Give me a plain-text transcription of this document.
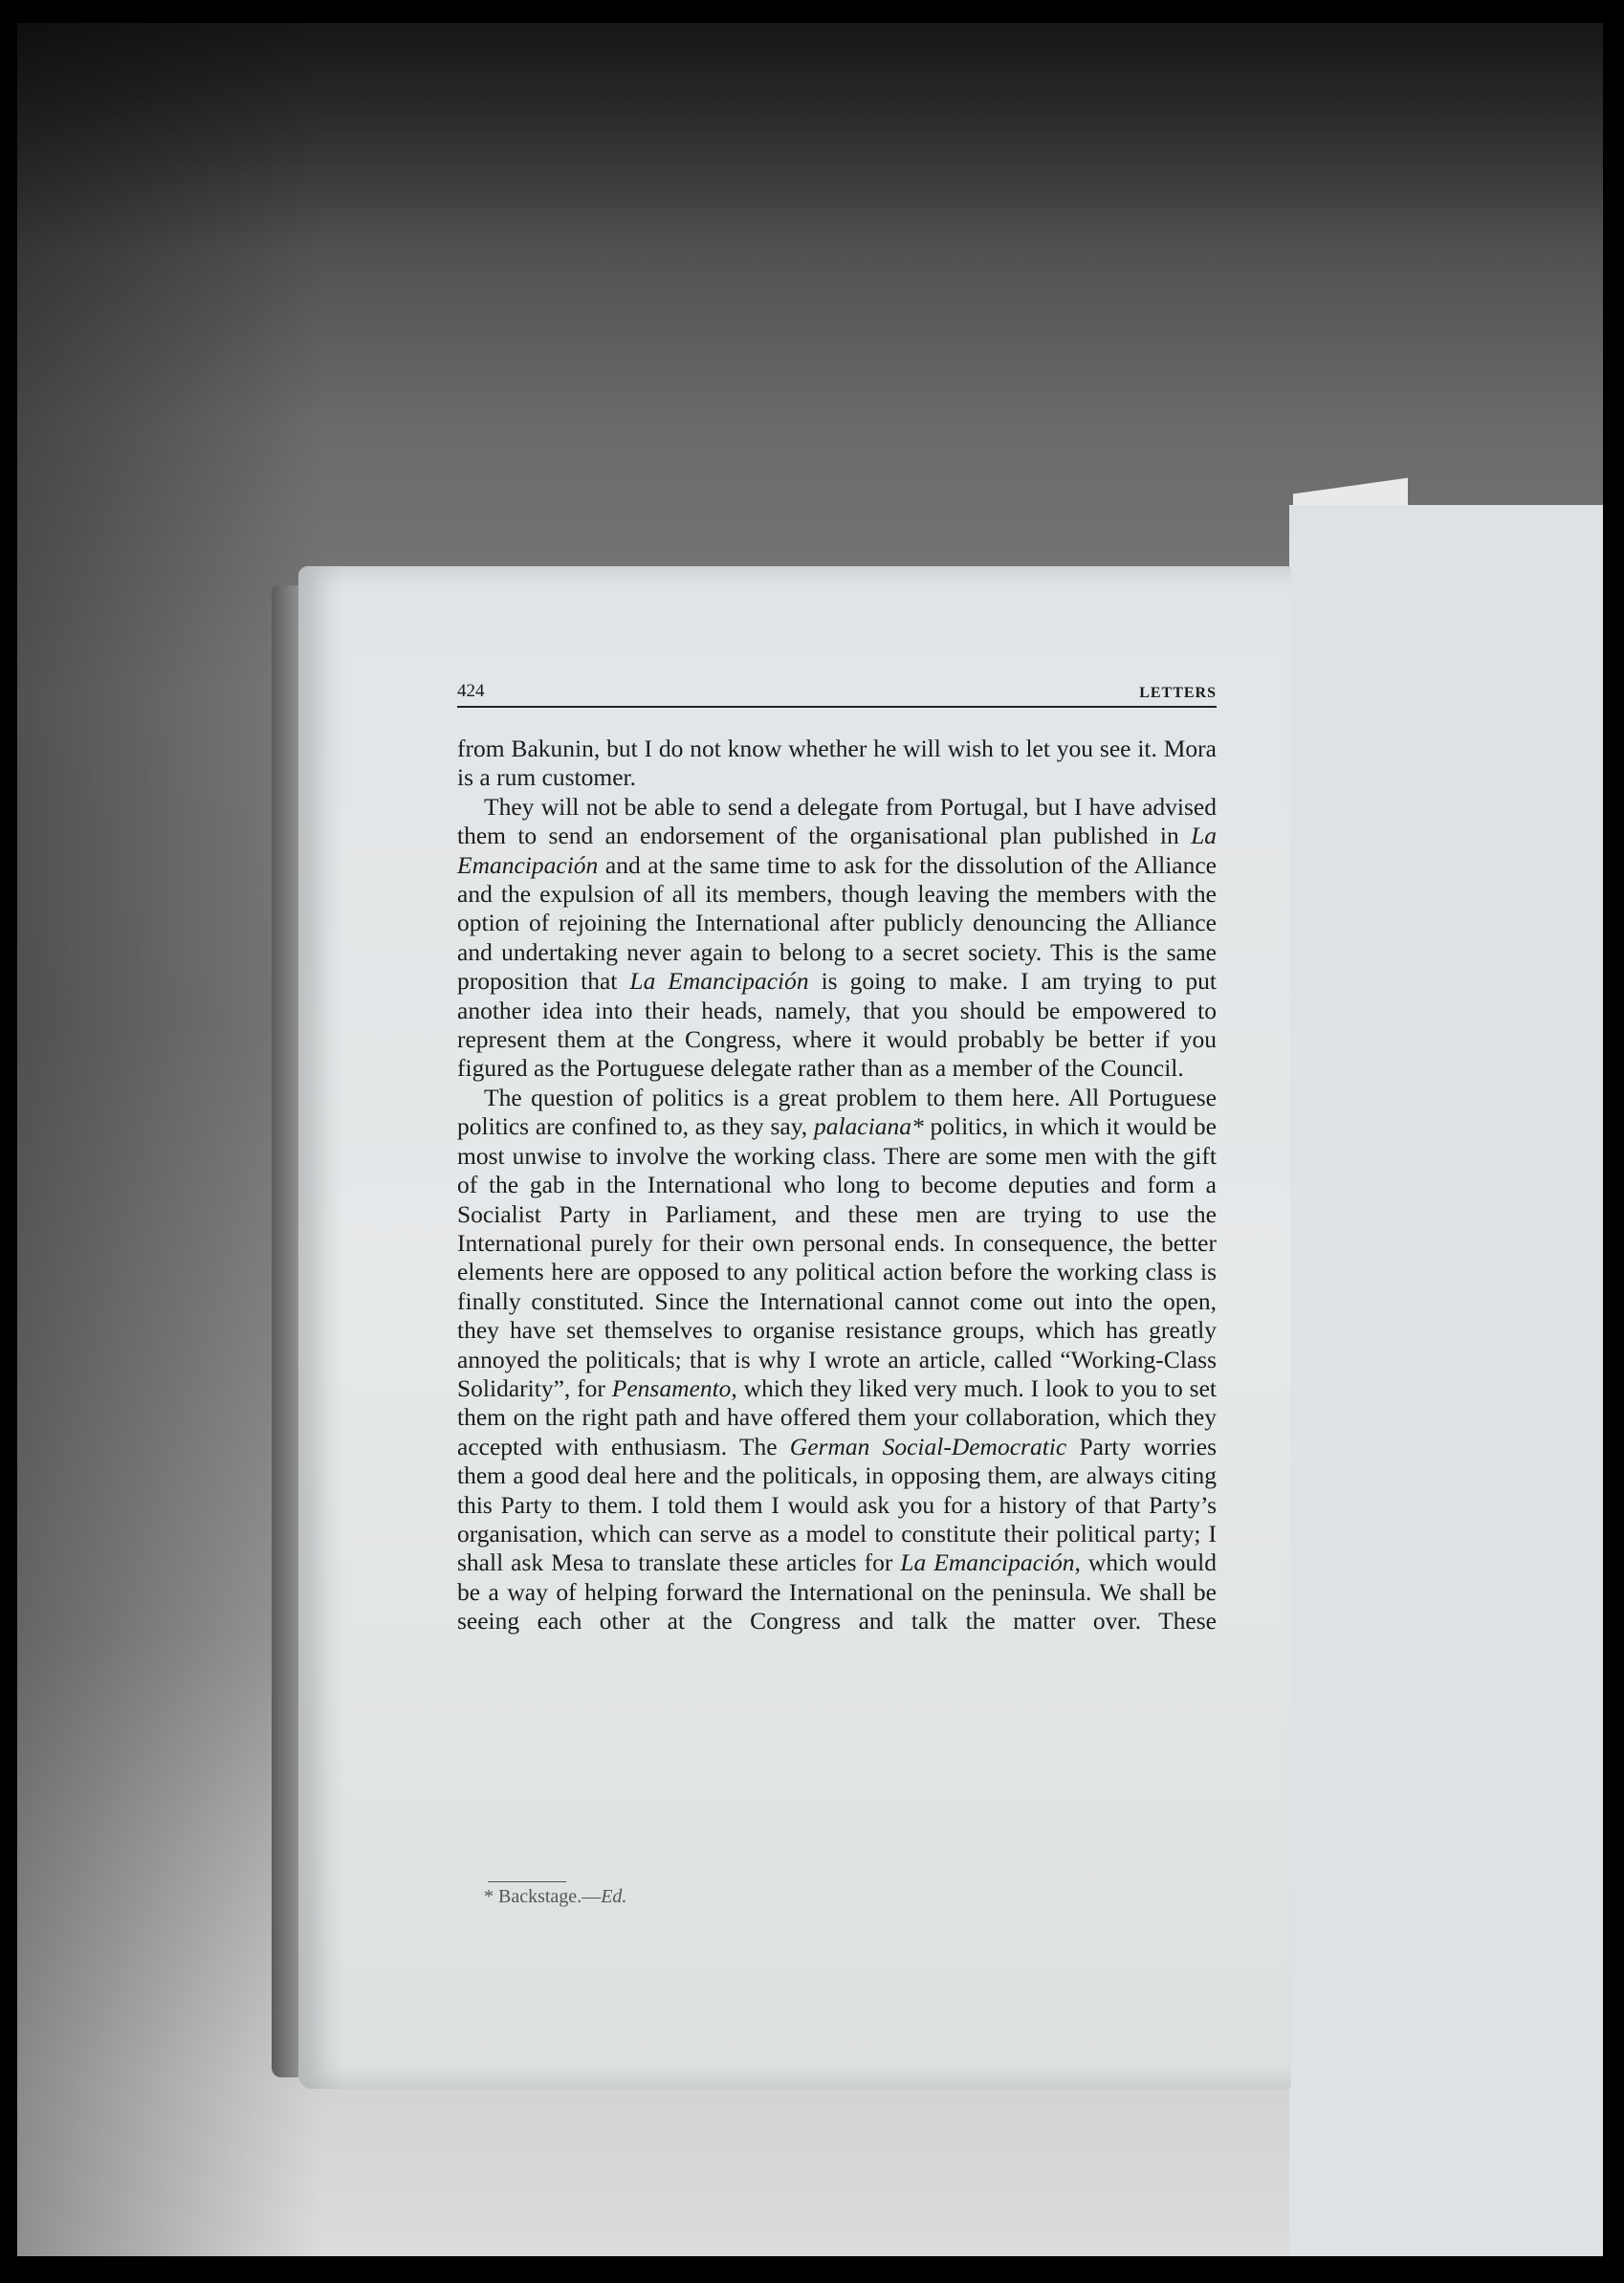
424	LETTERS

from Bakunin, but I do not know whether he will wish to let you see it. Mora is a rum customer.

They will not be able to send a delegate from Portugal, but I have advised them to send an endorsement of the organisational plan published in La Emancipación and at the same time to ask for the dissolution of the Alliance and the expulsion of all its members, though leaving the members with the option of rejoining the International after publicly denouncing the Alliance and undertaking never again to belong to a secret society. This is the same proposition that La Emancipación is going to make. I am trying to put another idea into their heads, namely, that you should be empowered to represent them at the Congress, where it would probably be better if you figured as the Portuguese delegate rather than as a member of the Council.

The question of politics is a great problem to them here. All Portuguese politics are confined to, as they say, palaciana* politics, in which it would be most unwise to involve the working class. There are some men with the gift of the gab in the International who long to become deputies and form a Socialist Party in Parliament, and these men are trying to use the International purely for their own personal ends. In consequence, the better elements here are opposed to any political action before the working class is finally constituted. Since the International cannot come out into the open, they have set themselves to organise resistance groups, which has greatly annoyed the politicals; that is why I wrote an article, called “Working-Class Solidarity”, for Pensamento, which they liked very much. I look to you to set them on the right path and have offered them your collaboration, which they accepted with enthusiasm. The German Social-Democratic Party worries them a good deal here and the politicals, in opposing them, are always citing this Party to them. I told them I would ask you for a history of that Party’s organisation, which can serve as a model to constitute their political party; I shall ask Mesa to translate these articles for La Emancipación, which would be a way of helping forward the International on the peninsula. We shall be seeing each other at the Congress and talk the matter over. These

* Backstage.—Ed.
